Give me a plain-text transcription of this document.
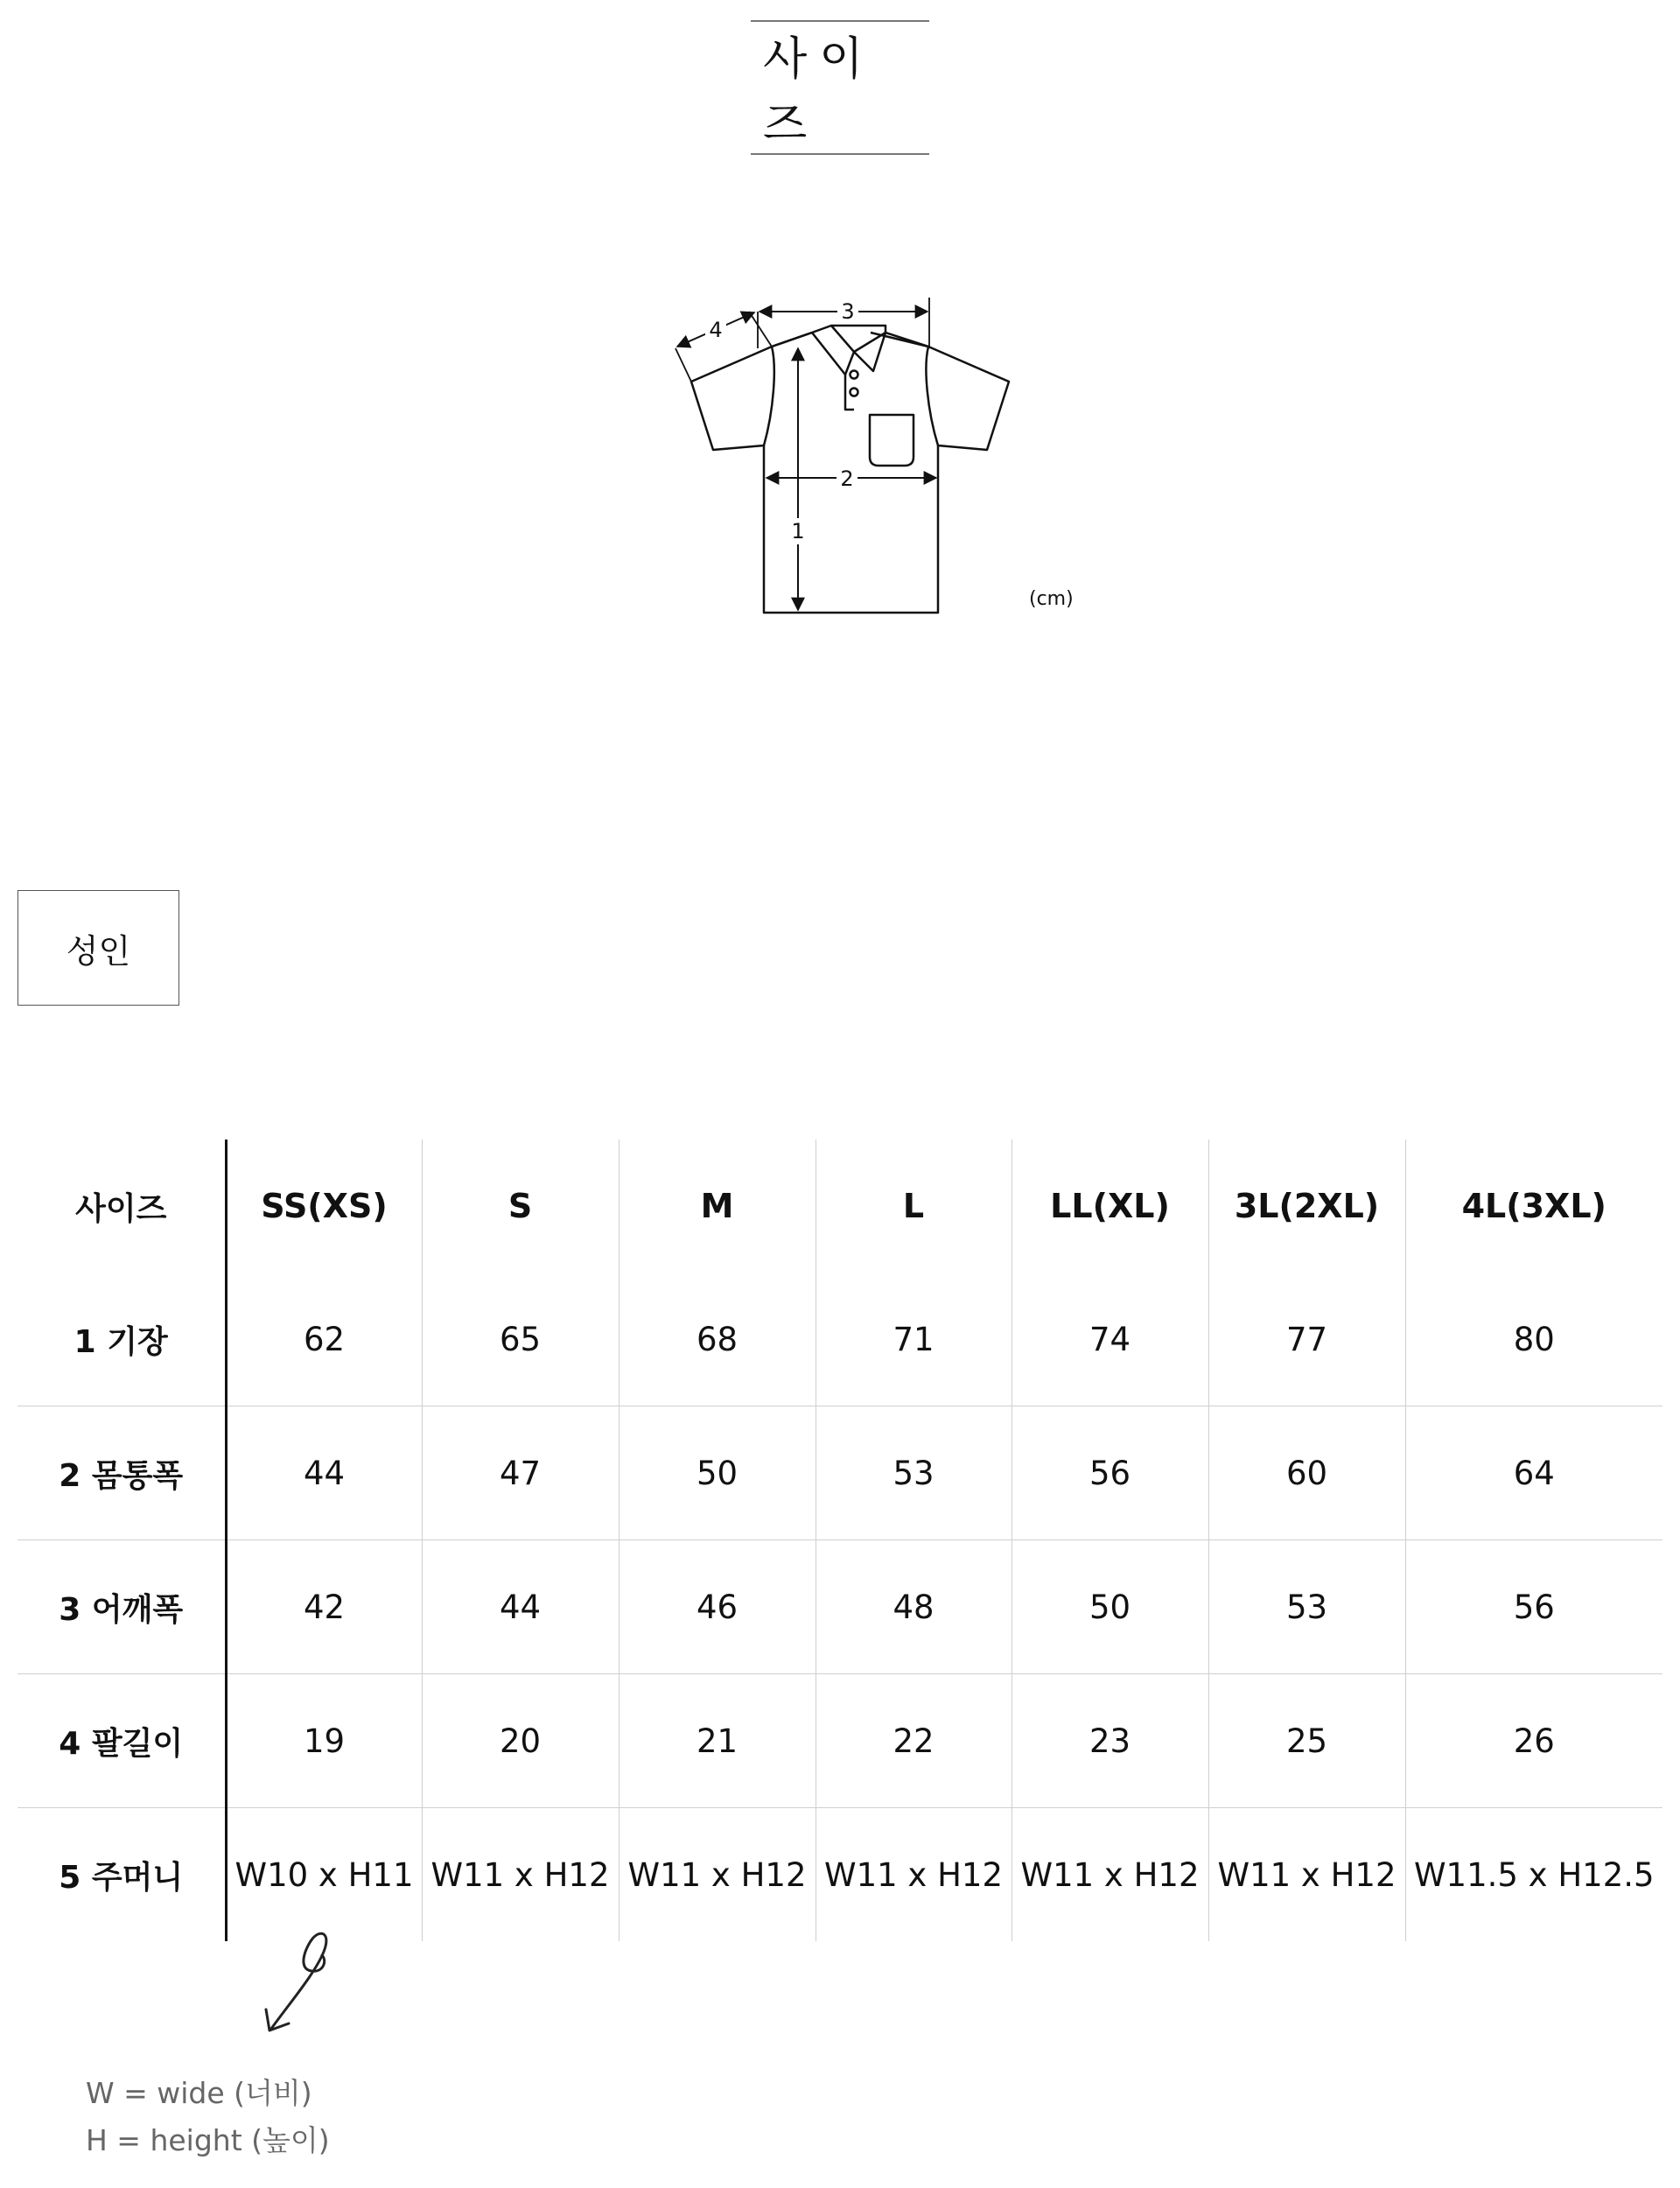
사이즈
1
2
3
4
(cm)
성인
사이즈	SS(XS)	S	M	L	LL(XL)	3L(2XL)	4L(3XL)
1 기장	62	65	68	71	74	77	80
2 몸통폭	44	47	50	53	56	60	64
3 어깨폭	42	44	46	48	50	53	56
4 팔길이	19	20	21	22	23	25	26
5 주머니	W10 x H11	W11 x H12	W11 x H12	W11 x H12	W11 x H12	W11 x H12	W11.5 x H12.5
W = wide (너비)
H = height (높이)
